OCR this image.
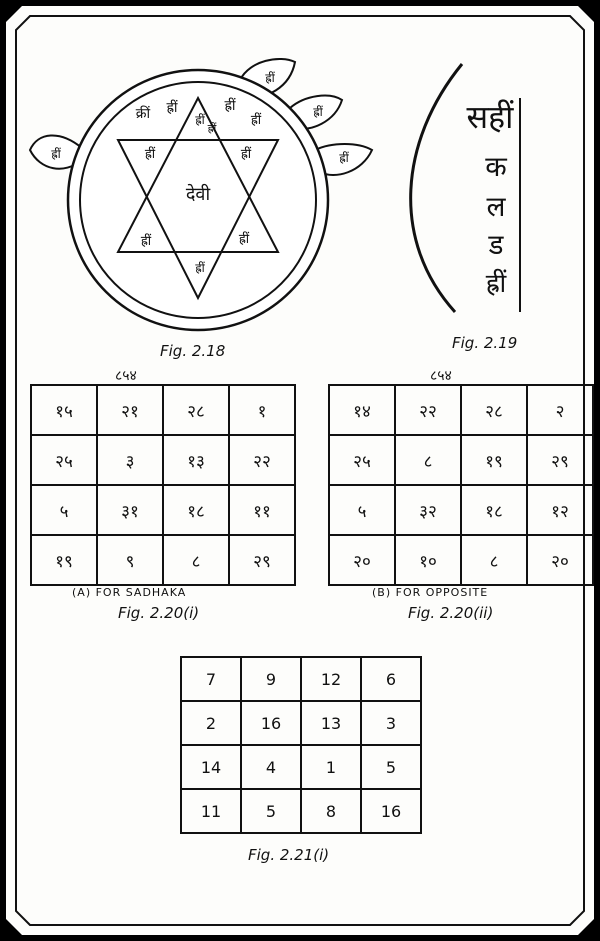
देवी
ह्रीं
ह्रीं	ह्रीं
ह्रीं	ह्रीं
ह्रीं
क्रीं ह्रीं	ह्रीं
ह्रीं
ह्रीं
ह्रीं
ह्रीं
ह्रीं
ह्रीं
सहीं
क
ल
ड
ह्रीं
Fig. 2.18	Fig. 2.19
८५४
१५	२१	२८	१
२५	३	१३	२२
५	३१	१८	११
१९	९	८	२९
(A) FOR SADHAKA
Fig. 2.20(i)
८५४
१४	२२	२८	२
२५	८	१९	२९
५	३२	१८	१२
२०	१०	८	२०
(B) FOR OPPOSITE
Fig. 2.20(ii)
7	9	12	6
2	16	13	3
14	4	1	5
11	5	8	16
Fig. 2.21(i)
